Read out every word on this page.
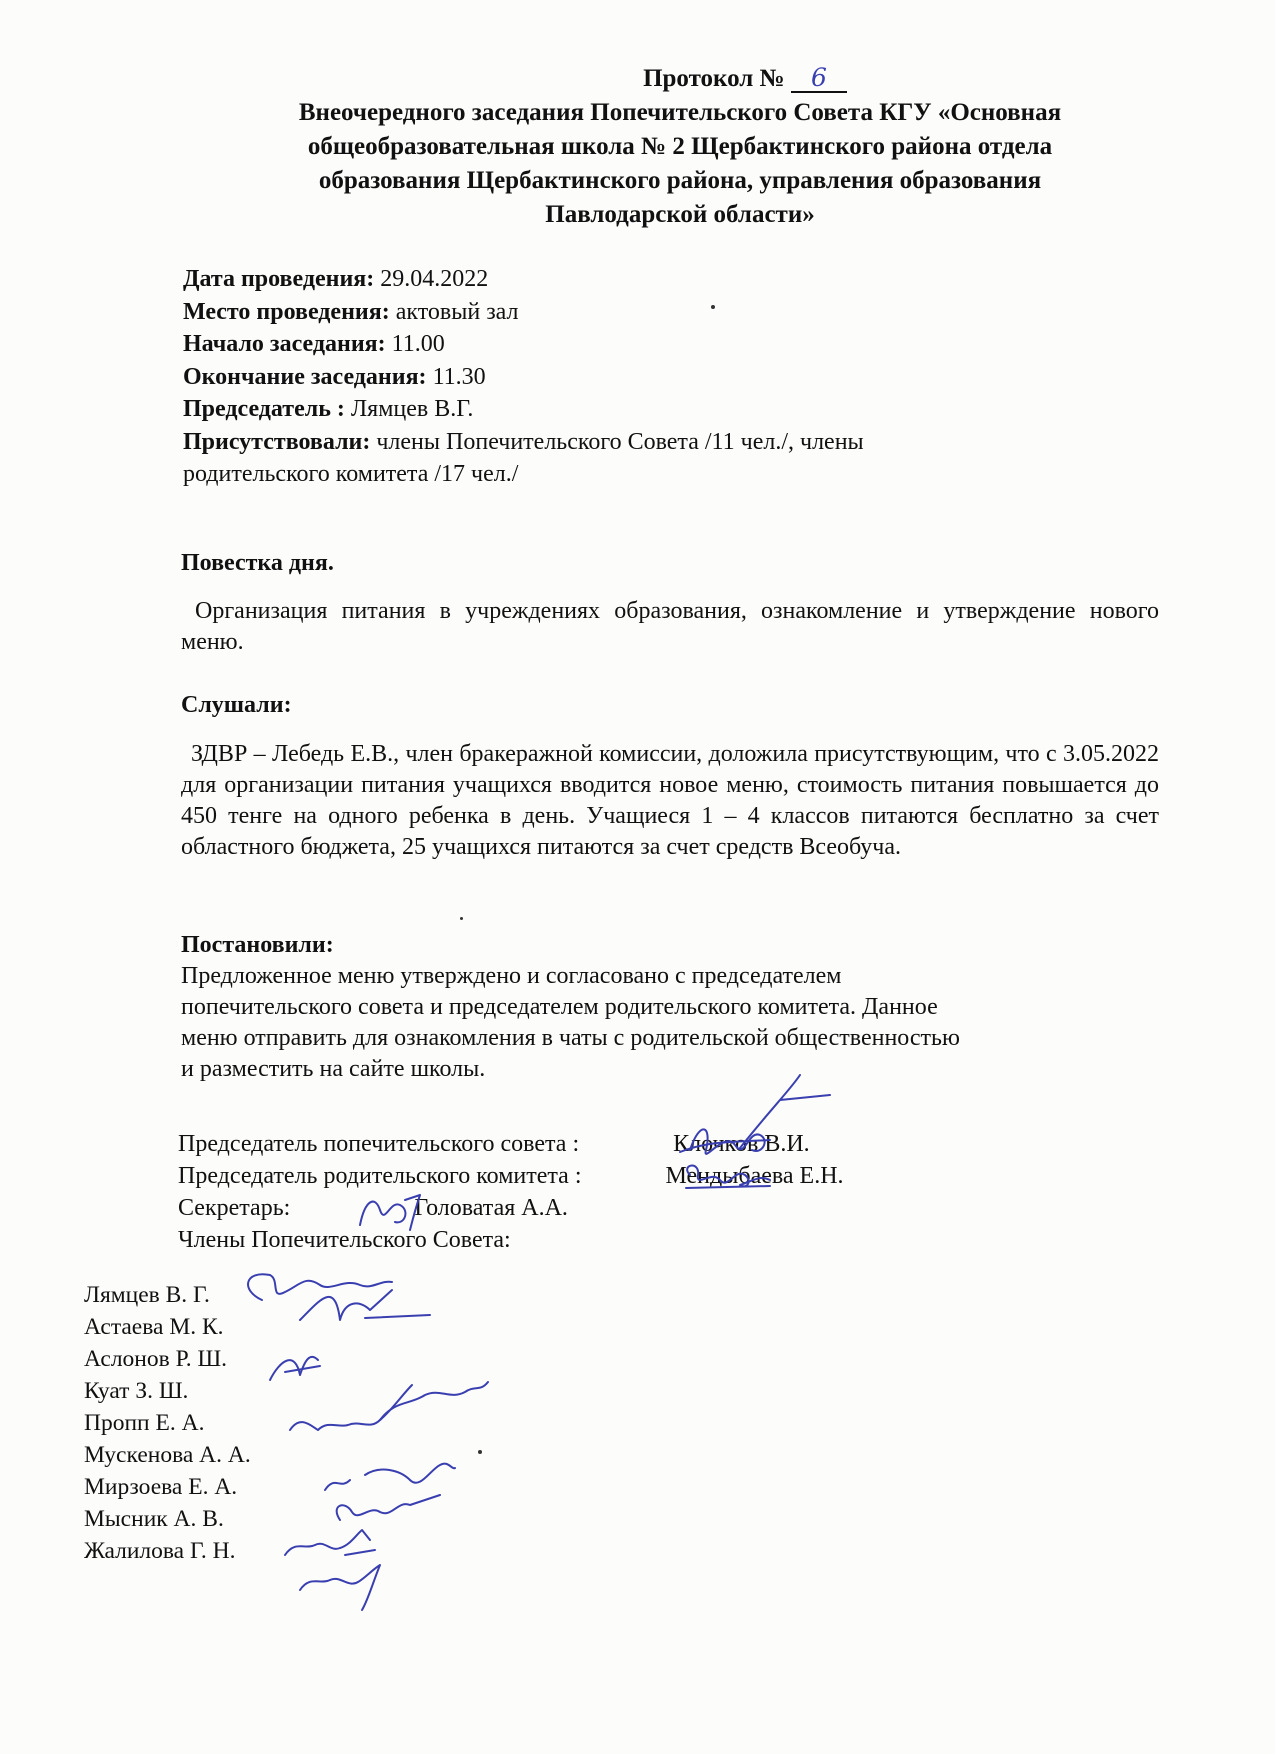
Протокол № 6
Внеочередного заседания Попечительского Совета КГУ «Основная
общеобразовательная школа № 2 Щербактинского района отдела
образования Щербактинского района, управления образования
Павлодарской области»
Дата проведения: 29.04.2022
Место проведения: актовый зал
Начало заседания: 11.00
Окончание заседания: 11.30
Председатель : Лямцев В.Г.
Присутствовали: члены Попечительского Совета /11 чел./, члены
родительского комитета /17 чел./
Повестка дня.
Организация питания в учреждениях образования, ознакомление и утверждение нового меню.
Слушали:
ЗДВР – Лебедь Е.В., член бракеражной комиссии, доложила присутствующим, что с 3.05.2022 для организации питания учащихся вводится новое меню, стоимость питания повышается до 450 тенге на одного ребенка в день. Учащиеся 1 – 4 классов питаются бесплатно за счет областного бюджета, 25 учащихся питаются за счет средств Всеобуча.
Постановили:
Предложенное меню утверждено и согласовано с председателем
попечительского совета и председателем родительского комитета. Данное
меню отправить для ознакомления в чаты с родительской общественностью
и разместить на сайте школы.
Председатель попечительского совета :	Клочков В.И.
Председатель родительского комитета :	Мендыбаева Е.Н.
Секретарь:	Головатая А.А.
Члены Попечительского Совета:
Лямцев В. Г.
Астаева М. К.
Аслонов Р. Ш.
Куат З. Ш.
Пропп Е. А.
Мускенова А. А.
Мирзоева Е. А.
Мысник А. В.
Жалилова Г. Н.
